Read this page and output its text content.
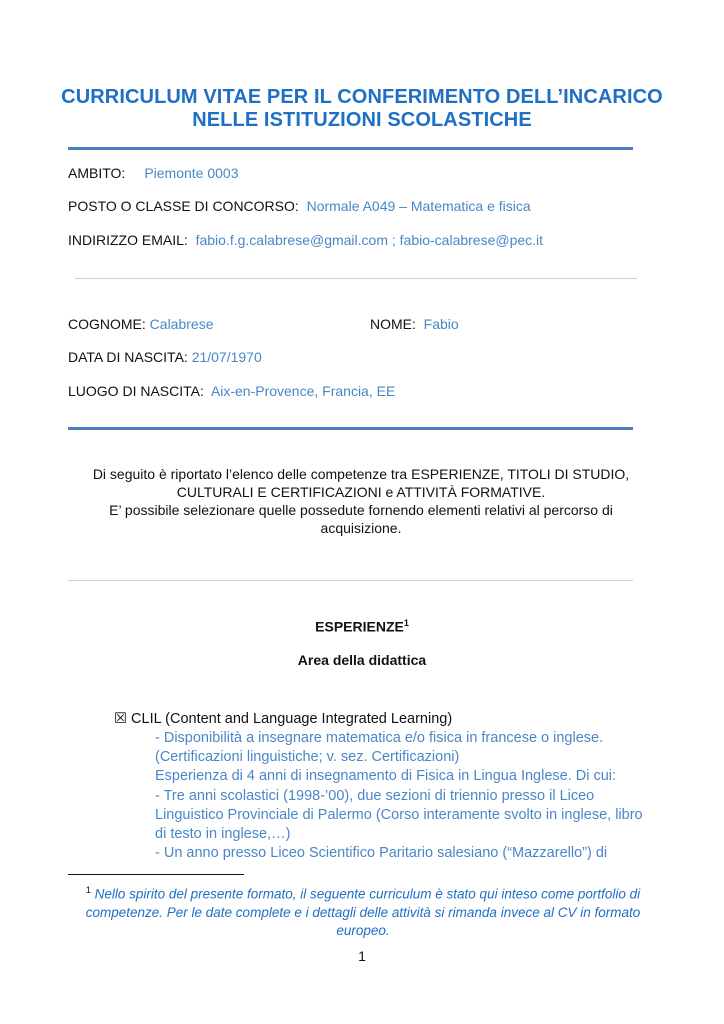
CURRICULUM VITAE PER IL CONFERIMENTO DELL’INCARICO
NELLE ISTITUZIONI SCOLASTICHE
AMBITO: Piemonte 0003
POSTO O CLASSE DI CONCORSO: Normale A049 – Matematica e fisica
INDIRIZZO EMAIL: fabio.f.g.calabrese@gmail.com ; fabio-calabrese@pec.it
COGNOME: Calabrese	NOME: Fabio
DATA DI NASCITA: 21/07/1970
LUOGO DI NASCITA: Aix-en-Provence, Francia, EE
Di seguito è riportato l’elenco delle competenze tra ESPERIENZE, TITOLI DI STUDIO,
CULTURALI E CERTIFICAZIONI e ATTIVITÀ FORMATIVE.
E’ possibile selezionare quelle possedute fornendo elementi relativi al percorso di
acquisizione.
ESPERIENZE$^1$
Area della didattica
☒ CLIL (Content and Language Integrated Learning)
- Disponibilità a insegnare matematica e/o fisica in francese o inglese.
(Certificazioni linguistiche; v. sez. Certificazioni)
Esperienza di 4 anni di insegnamento di Fisica in Lingua Inglese. Di cui:
- Tre anni scolastici (1998-’00), due sezioni di triennio presso il Liceo
Linguistico Provinciale di Palermo (Corso interamente svolto in inglese, libro
di testo in inglese,…)
- Un anno presso Liceo Scientifico Paritario salesiano (“Mazzarello”) di
$^1$ Nello spirito del presente formato, il seguente curriculum è stato qui inteso come portfolio di competenze. Per le date complete e i dettagli delle attività si rimanda invece al CV in formato europeo.
1
